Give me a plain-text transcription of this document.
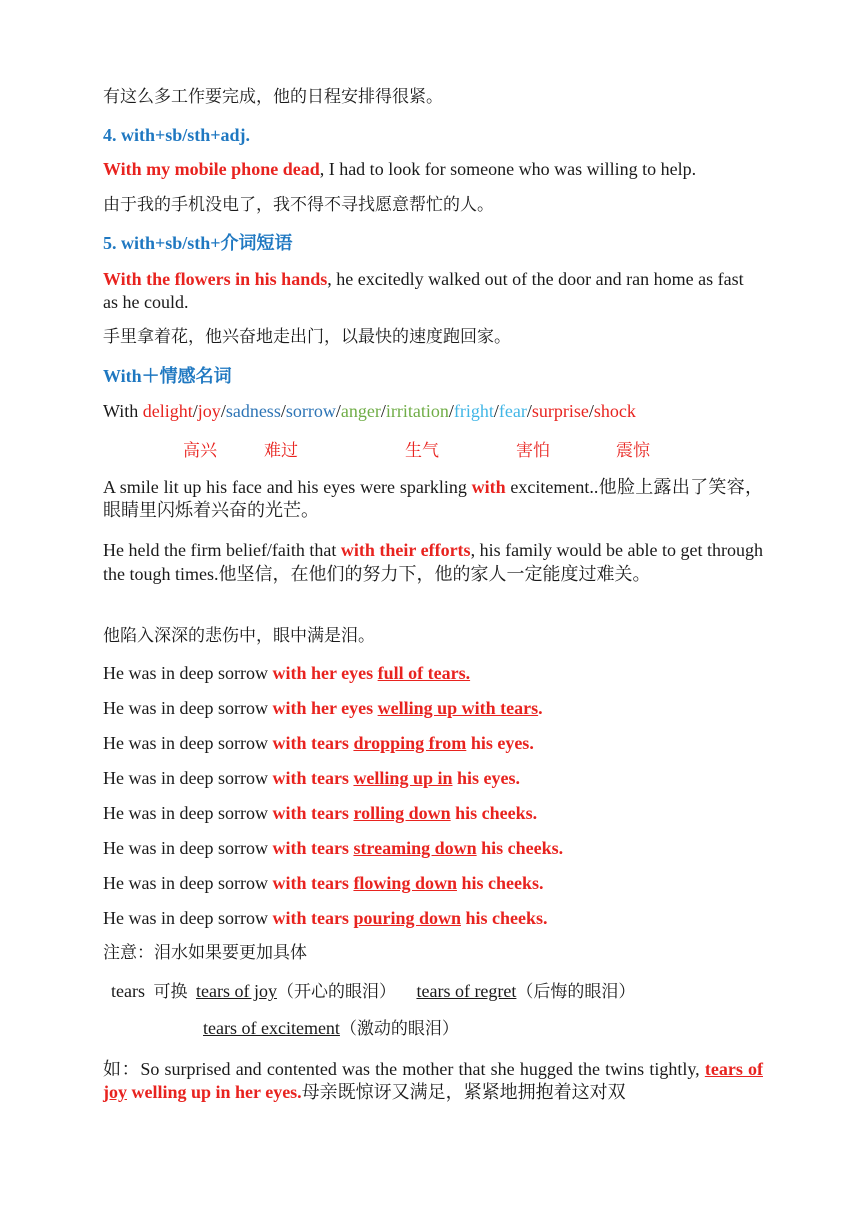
有这么多工作要完成，他的日程安排得很紧。

4. with+sb/sth+adj.

With my mobile phone dead, I had to look for someone who was willing to help.

由于我的手机没电了，我不得不寻找愿意帮忙的人。

5. with+sb/sth+介词短语

With the flowers in his hands, he excitedly walked out of the door and ran home as fast as he could.

手里拿着花，他兴奋地走出门，以最快的速度跑回家。

With＋情感名词

With delight/joy/sadness/sorrow/anger/irritation/fright/fear/surprise/shock

高兴	难过	生气	害怕	震惊

A smile lit up his face and his eyes were sparkling with excitement..他脸上露出了笑容，眼睛里闪烁着兴奋的光芒。

He held the firm belief/faith that with their efforts, his family would be able to get through the tough times.他坚信，在他们的努力下，他的家人一定能度过难关。

他陷入深深的悲伤中，眼中满是泪。

He was in deep sorrow with her eyes full of tears.

He was in deep sorrow with her eyes welling up with tears.

He was in deep sorrow with tears dropping from his eyes.

He was in deep sorrow with tears welling up in his eyes.

He was in deep sorrow with tears rolling down his cheeks.

He was in deep sorrow with tears streaming down his cheeks.

He was in deep sorrow with tears flowing down his cheeks.

He was in deep sorrow with tears pouring down his cheeks.

注意：泪水如果要更加具体

tears 可换 tears of joy（开心的眼泪） tears of regret（后悔的眼泪）

tears of excitement（激动的眼泪）

如：So surprised and contented was the mother that she hugged the twins tightly, tears of joy welling up in her eyes.母亲既惊讶又满足，紧紧地拥抱着这对双
